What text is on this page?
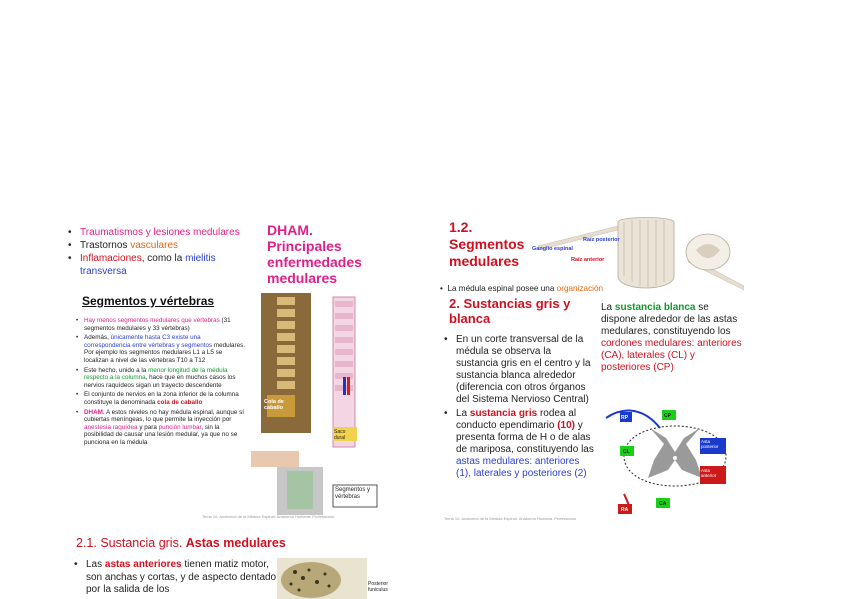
• Traumatismos y lesiones medulares
• Trastornos vasculares
• Inflamaciones, como la mielitis transversa
DHAM. Principales enfermedades medulares
Segmentos y vértebras
• Hay menos segmentos medulares que vértebras (31 segmentos medulares y 33 vértebras)
• Además, únicamente hasta C3 existe una correspondencia entre vértebras y segmentos medulares. Por ejemplo los segmentos medulares L1 a L5 se localizan a nivel de las vértebras T10 a T12
• Este hecho, unido a la menor longitud de la médula respecto a la columna, hace que en muchos casos los nervios raquídeos sigan un trayecto descendente
• El conjunto de nervios en la zona inferior de la columna constituye la denominada cola de caballo
• DHAM. A estos niveles no hay médula espinal, aunque sí cubiertas meníngeas, lo que permite la inyección por anestesia raquídea y para punción lumbar, sin la posibilidad de causar una lesión medular, ya que no se punciona en la médula
Cola de caballo
Saco dural
Segmentos y vértebras
Tema 10. Anatomía de la Médula Espinal. Anatomía Humana. Profesorado
1.2. Segmentos medulares
Ganglio espinal
Raíz posterior
Raíz anterior
•  La médula espinal posee una organización
2. Sustancias gris y blanca
• En un corte transversal de la médula se observa la sustancia gris en el centro y la sustancia blanca alrededor (diferencia con otros órganos del Sistema Nervioso Central)
• La sustancia gris rodea al conducto ependimario (10) y presenta forma de H o de alas de mariposa, constituyendo las astas medulares: anteriores (1), laterales y posteriores (2)
La sustancia blanca se dispone alrededor de las astas medulares, constituyendo los cordones medulares: anteriores (CA), laterales (CL) y posteriores (CP)
RP	CP
CL
Asta posterior
Asta anterior
CA
RA
Tema 10. Anatomía de la Médula Espinal. Anatomía Humana. Profesorado
2.1. Sustancia gris. Astas medulares
• Las astas anteriores tienen matiz motor, son anchas y cortas, y de aspecto dentado por la salida de los	Posterior funiculus
